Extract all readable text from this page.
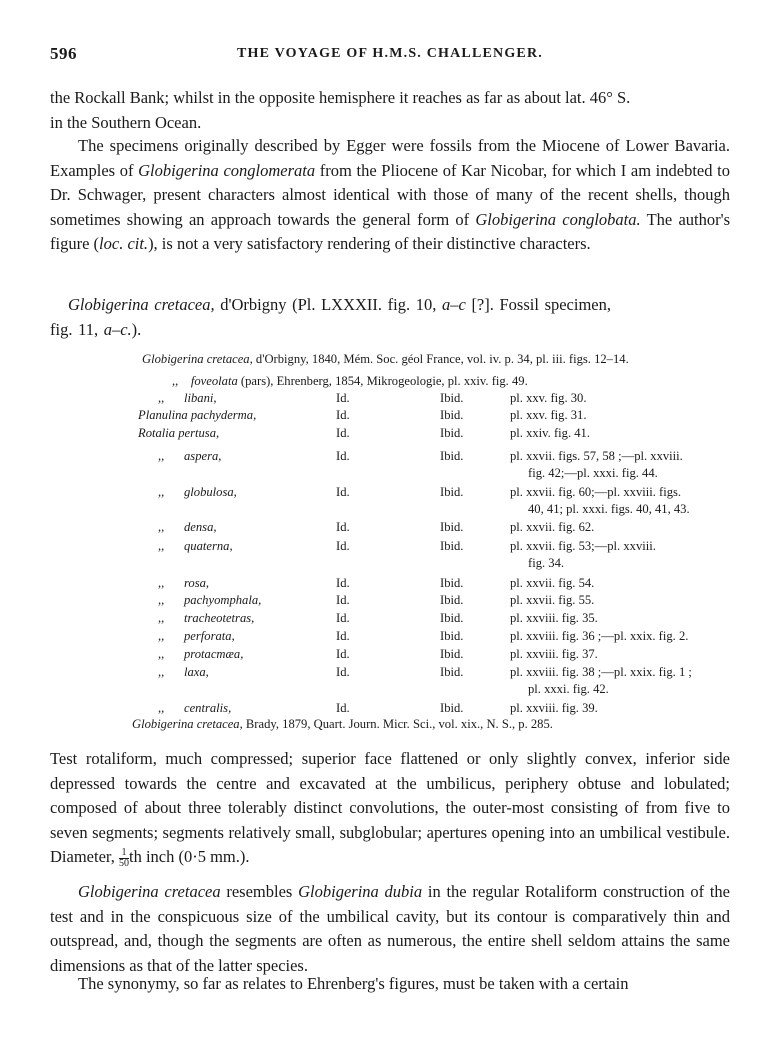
596	THE VOYAGE OF H.M.S. CHALLENGER.

the Rockall Bank; whilst in the opposite hemisphere it reaches as far as about lat. 46° S.
in the Southern Ocean.

The specimens originally described by Egger were fossils from the Miocene of Lower Bavaria. Examples of Globigerina conglomerata from the Pliocene of Kar Nicobar, for which I am indebted to Dr. Schwager, present characters almost identical with those of many of the recent shells, though sometimes showing an approach towards the general form of Globigerina conglobata. The author's figure (loc. cit.), is not a very satisfactory rendering of their distinctive characters.

Globigerina cretacea, d'Orbigny (Pl. LXXXII. fig. 10, a–c [?]. Fossil specimen,
fig. 11, a–c.).

Globigerina cretacea, d'Orbigny, 1840, Mém. Soc. géol France, vol. iv. p. 34, pl. iii. figs. 12–14.
,, foveolata (pars), Ehrenberg, 1854, Mikrogeologie, pl. xxiv. fig. 49.
,, libani,	Id.	Ibid.	pl. xxv. fig. 30.
Planulina pachyderma,	Id.	Ibid.	pl. xxv. fig. 31.
Rotalia pertusa,	Id.	Ibid.	pl. xxiv. fig. 41.
,, aspera,	Id.	Ibid.	pl. xxvii. figs. 57, 58 ;—pl. xxviii.
fig. 42;—pl. xxxi. fig. 44.
,, globulosa,	Id.	Ibid.	pl. xxvii. fig. 60;—pl. xxviii. figs.
40, 41; pl. xxxi. figs. 40, 41, 43.
,, densa,	Id.	Ibid.	pl. xxvii. fig. 62.
,, quaterna,	Id.	Ibid.	pl. xxvii. fig. 53;—pl. xxviii.
fig. 34.
,, rosa,	Id.	Ibid.	pl. xxvii. fig. 54.
,, pachyomphala,	Id.	Ibid.	pl. xxvii. fig. 55.
,, tracheotetras,	Id.	Ibid.	pl. xxviii. fig. 35.
,, perforata,	Id.	Ibid.	pl. xxviii. fig. 36 ;—pl. xxix. fig. 2.
,, protacmæa,	Id.	Ibid.	pl. xxviii. fig. 37.
,, laxa,	Id.	Ibid.	pl. xxviii. fig. 38 ;—pl. xxix. fig. 1 ;
pl. xxxi. fig. 42.
,, centralis,	Id.	Ibid.	pl. xxviii. fig. 39.
Globigerina cretacea, Brady, 1879, Quart. Journ. Micr. Sci., vol. xix., N. S., p. 285.

Test rotaliform, much compressed; superior face flattened or only slightly convex, inferior side depressed towards the centre and excavated at the umbilicus, periphery obtuse and lobulated; composed of about three tolerably distinct convolutions, the outer-most consisting of from five to seven segments; segments relatively small, subglobular; apertures opening into an umbilical vestibule. Diameter, $\frac{1}{50}$ th inch (0·5 mm.).

Globigerina cretacea resembles Globigerina dubia in the regular Rotaliform construction of the test and in the conspicuous size of the umbilical cavity, but its contour is comparatively thin and outspread, and, though the segments are often as numerous, the entire shell seldom attains the same dimensions as that of the latter species.

The synonymy, so far as relates to Ehrenberg's figures, must be taken with a certain
